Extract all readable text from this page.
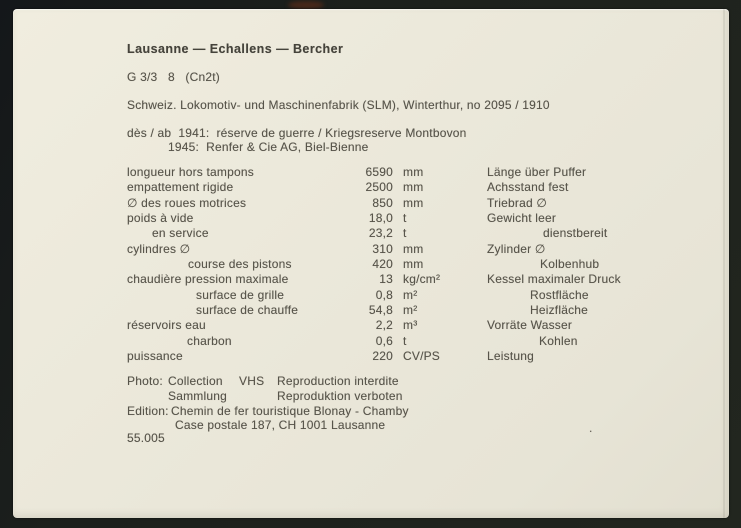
Lausanne — Echallens — Bercher
G 3/3   8   (Cn2t)
Schweiz. Lokomotiv- und Maschinenfabrik (SLM), Winterthur, no 2095 / 1910
dès / ab  1941:  réserve de guerre / Kriegsreserve Montbovon
1945:  Renfer & Cie AG, Biel-Bienne
longueur hors tampons	6590 mm	Länge über Puffer
empattement rigide	2500 mm	Achsstand fest
∅ des roues motrices	850 mm	Triebrad ∅
poids à vide	18,0 t	Gewicht leer
en service	23,2 t	dienstbereit
cylindres ∅	310 mm	Zylinder ∅
course des pistons	420 mm	Kolbenhub
chaudière pression maximale	13 kg/cm²	Kessel maximaler Druck
surface de grille	0,8 m²	Rostfläche
surface de chauffe	54,8 m²	Heizfläche
réservoirs eau	2,2 m³	Vorräte Wasser
charbon	0,6 t	Kohlen
puissance	220 CV/PS	Leistung
Photo: Collection VHS Reproduction interdite
Sammlung	Reproduktion verboten
Edition: Chemin de fer touristique Blonay - Chamby
Case postale 187, CH 1001 Lausanne
55.005
.
